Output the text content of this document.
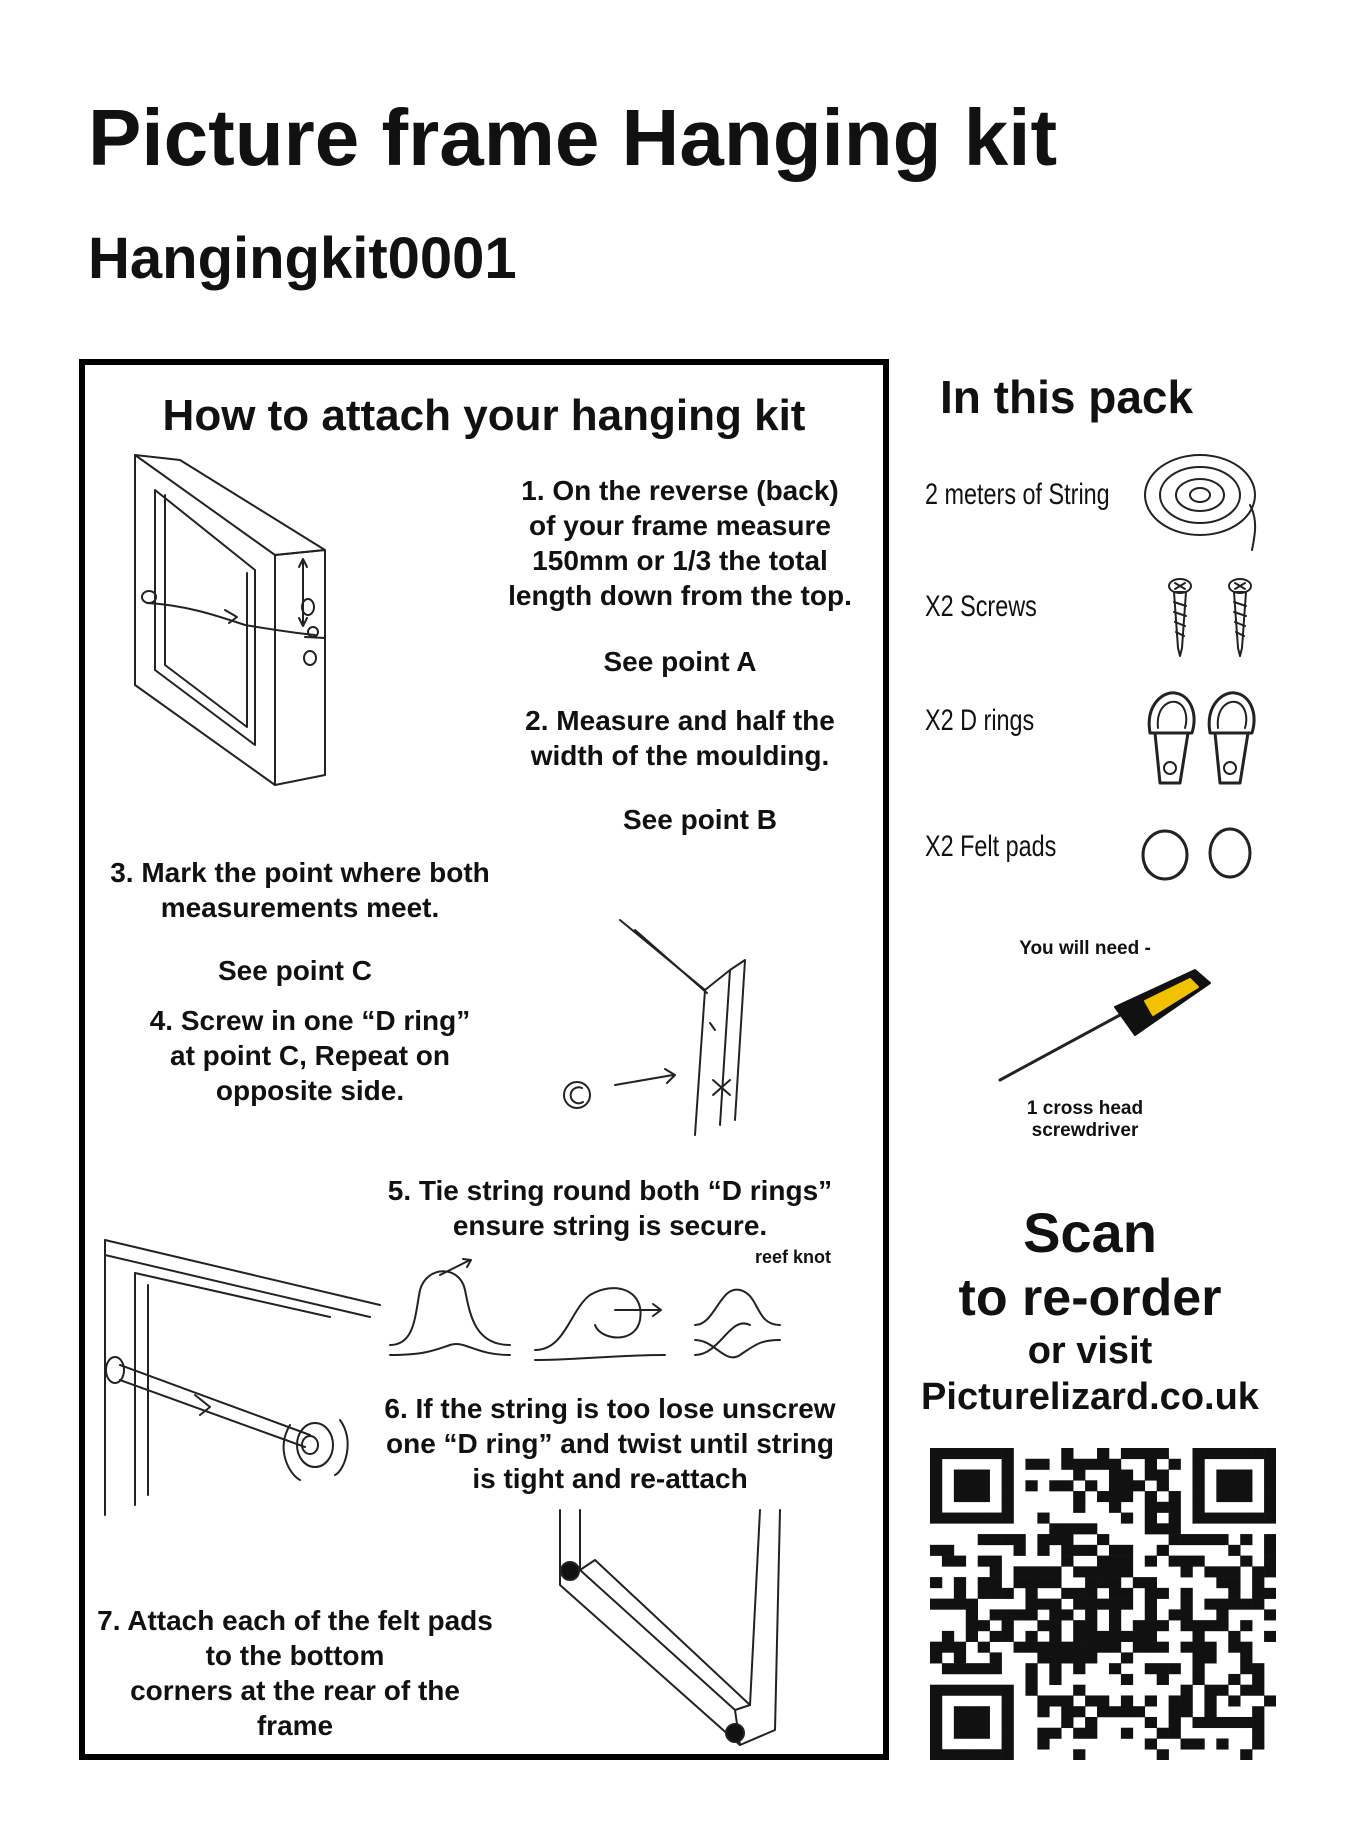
Picture frame Hanging kit
Hangingkit0001
How to attach your hanging kit
1. On the reverse (back)
of your frame measure
150mm or 1/3 the total
length down from the top.
See point A
2. Measure and half the
width of the moulding.
See point B
3. Mark the point where both
measurements meet.
See point C
4. Screw in one “D ring”
at point C, Repeat on
opposite side.
5. Tie string round both “D rings”
ensure string is secure.
reef knot
6. If the string is too lose unscrew
one “D ring” and twist until string
is tight and re-attach
7. Attach each of the felt pads
to the bottom
corners at the rear of the frame
In this pack
2 meters of String
X2 Screws
X2 D rings
X2 Felt pads
You will need -
1 cross head
screwdriver
Scan
to re-order
or visit
Picturelizard.co.uk
